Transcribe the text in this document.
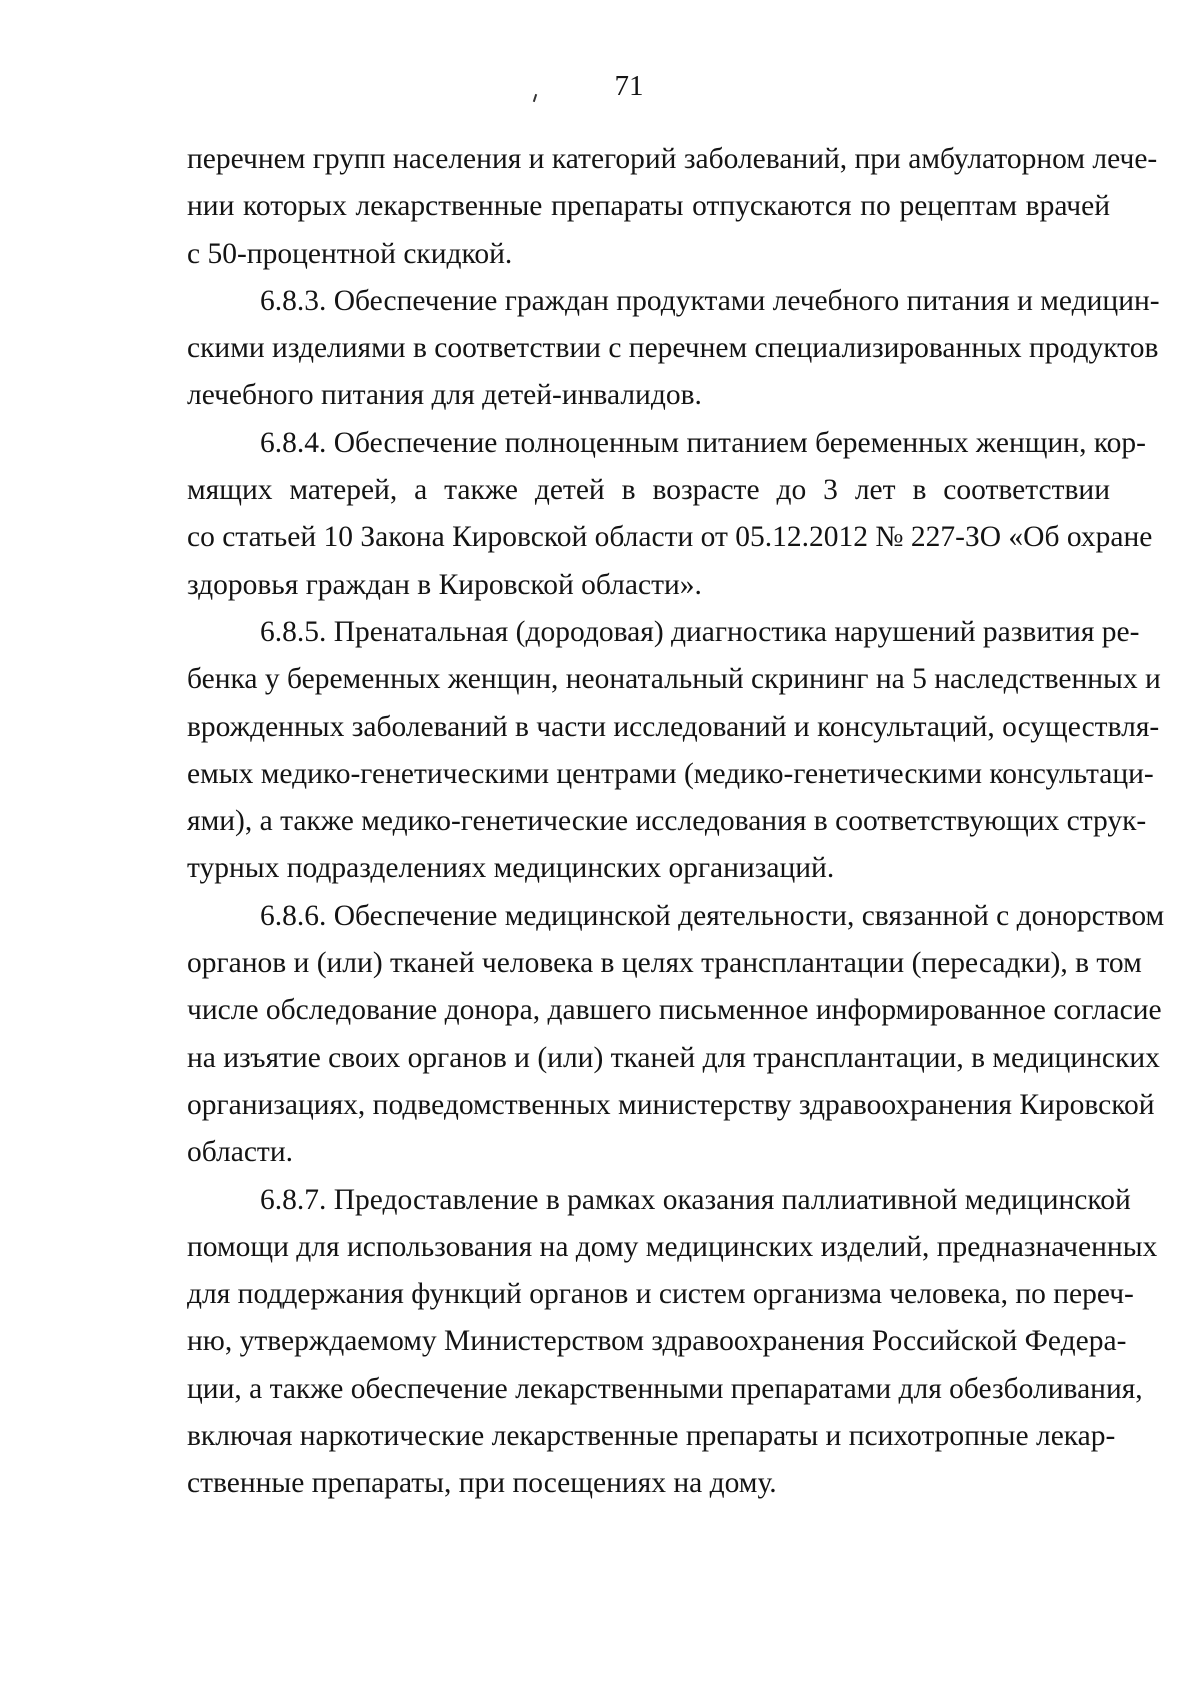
71

перечнем групп населения и категорий заболеваний, при амбулаторном лече-
нии которых лекарственные препараты отпускаются по рецептам врачей
с 50-процентной скидкой.

6.8.3. Обеспечение граждан продуктами лечебного питания и медицин-
скими изделиями в соответствии с перечнем специализированных продуктов
лечебного питания для детей-инвалидов.

6.8.4. Обеспечение полноценным питанием беременных женщин, кор-
мящих матерей, а также детей в возрасте до 3 лет в соответствии
со статьей 10 Закона Кировской области от 05.12.2012 № 227-ЗО «Об охране
здоровья граждан в Кировской области».

6.8.5. Пренатальная (дородовая) диагностика нарушений развития ре-
бенка у беременных женщин, неонатальный скрининг на 5 наследственных и
врожденных заболеваний в части исследований и консультаций, осуществля-
емых медико-генетическими центрами (медико-генетическими консультаци-
ями), а также медико-генетические исследования в соответствующих струк-
турных подразделениях медицинских организаций.

6.8.6. Обеспечение медицинской деятельности, связанной с донорством
органов и (или) тканей человека в целях трансплантации (пересадки), в том
числе обследование донора, давшего письменное информированное согласие
на изъятие своих органов и (или) тканей для трансплантации, в медицинских
организациях, подведомственных министерству здравоохранения Кировской
области.

6.8.7. Предоставление в рамках оказания паллиативной медицинской
помощи для использования на дому медицинских изделий, предназначенных
для поддержания функций органов и систем организма человека, по переч-
ню, утверждаемому Министерством здравоохранения Российской Федера-
ции, а также обеспечение лекарственными препаратами для обезболивания,
включая наркотические лекарственные препараты и психотропные лекар-
ственные препараты, при посещениях на дому.
